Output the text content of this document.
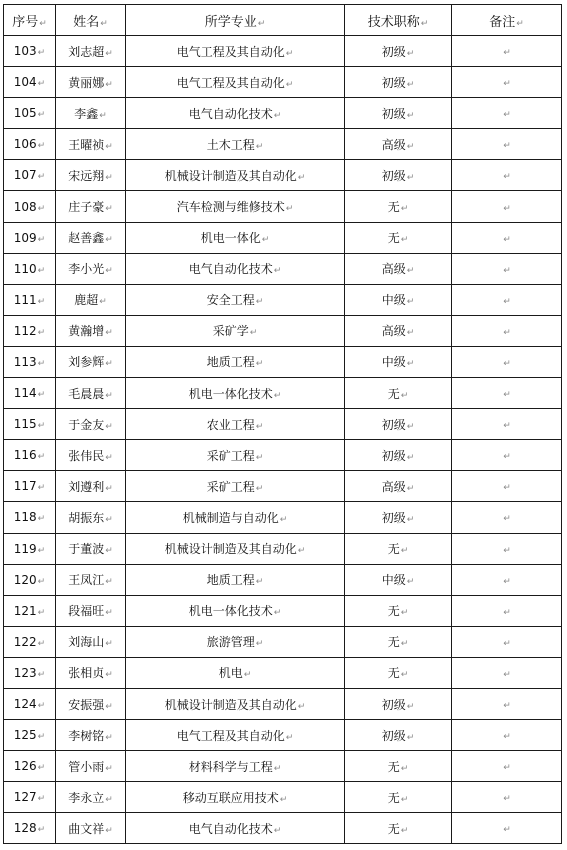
序号↵	姓名↵	所学专业↵	技术职称↵	备注↵
103↵	刘志超↵	电气工程及其自动化↵	初级↵	↵
104↵	黄丽娜↵	电气工程及其自动化↵	初级↵	↵
105↵	李鑫↵	电气自动化技术↵	初级↵	↵
106↵	王曜祯↵	土木工程↵	高级↵	↵
107↵	宋远翔↵	机械设计制造及其自动化↵	初级↵	↵
108↵	庄子豪↵	汽车检测与维修技术↵	无↵	↵
109↵	赵善鑫↵	机电一体化↵	无↵	↵
110↵	李小光↵	电气自动化技术↵	高级↵	↵
111↵	鹿超↵	安全工程↵	中级↵	↵
112↵	黄瀚增↵	采矿学↵	高级↵	↵
113↵	刘参辉↵	地质工程↵	中级↵	↵
114↵	毛晨晨↵	机电一体化技术↵	无↵	↵
115↵	于金友↵	农业工程↵	初级↵	↵
116↵	张伟民↵	采矿工程↵	初级↵	↵
117↵	刘遵利↵	采矿工程↵	高级↵	↵
118↵	胡振东↵	机械制造与自动化↵	初级↵	↵
119↵	于董波↵	机械设计制造及其自动化↵	无↵	↵
120↵	王凤江↵	地质工程↵	中级↵	↵
121↵	段福旺↵	机电一体化技术↵	无↵	↵
122↵	刘海山↵	旅游管理↵	无↵	↵
123↵	张相贞↵	机电↵	无↵	↵
124↵	安振强↵	机械设计制造及其自动化↵	初级↵	↵
125↵	李树铭↵	电气工程及其自动化↵	初级↵	↵
126↵	管小雨↵	材料科学与工程↵	无↵	↵
127↵	李永立↵	移动互联应用技术↵	无↵	↵
128↵	曲文祥↵	电气自动化技术↵	无↵	↵
